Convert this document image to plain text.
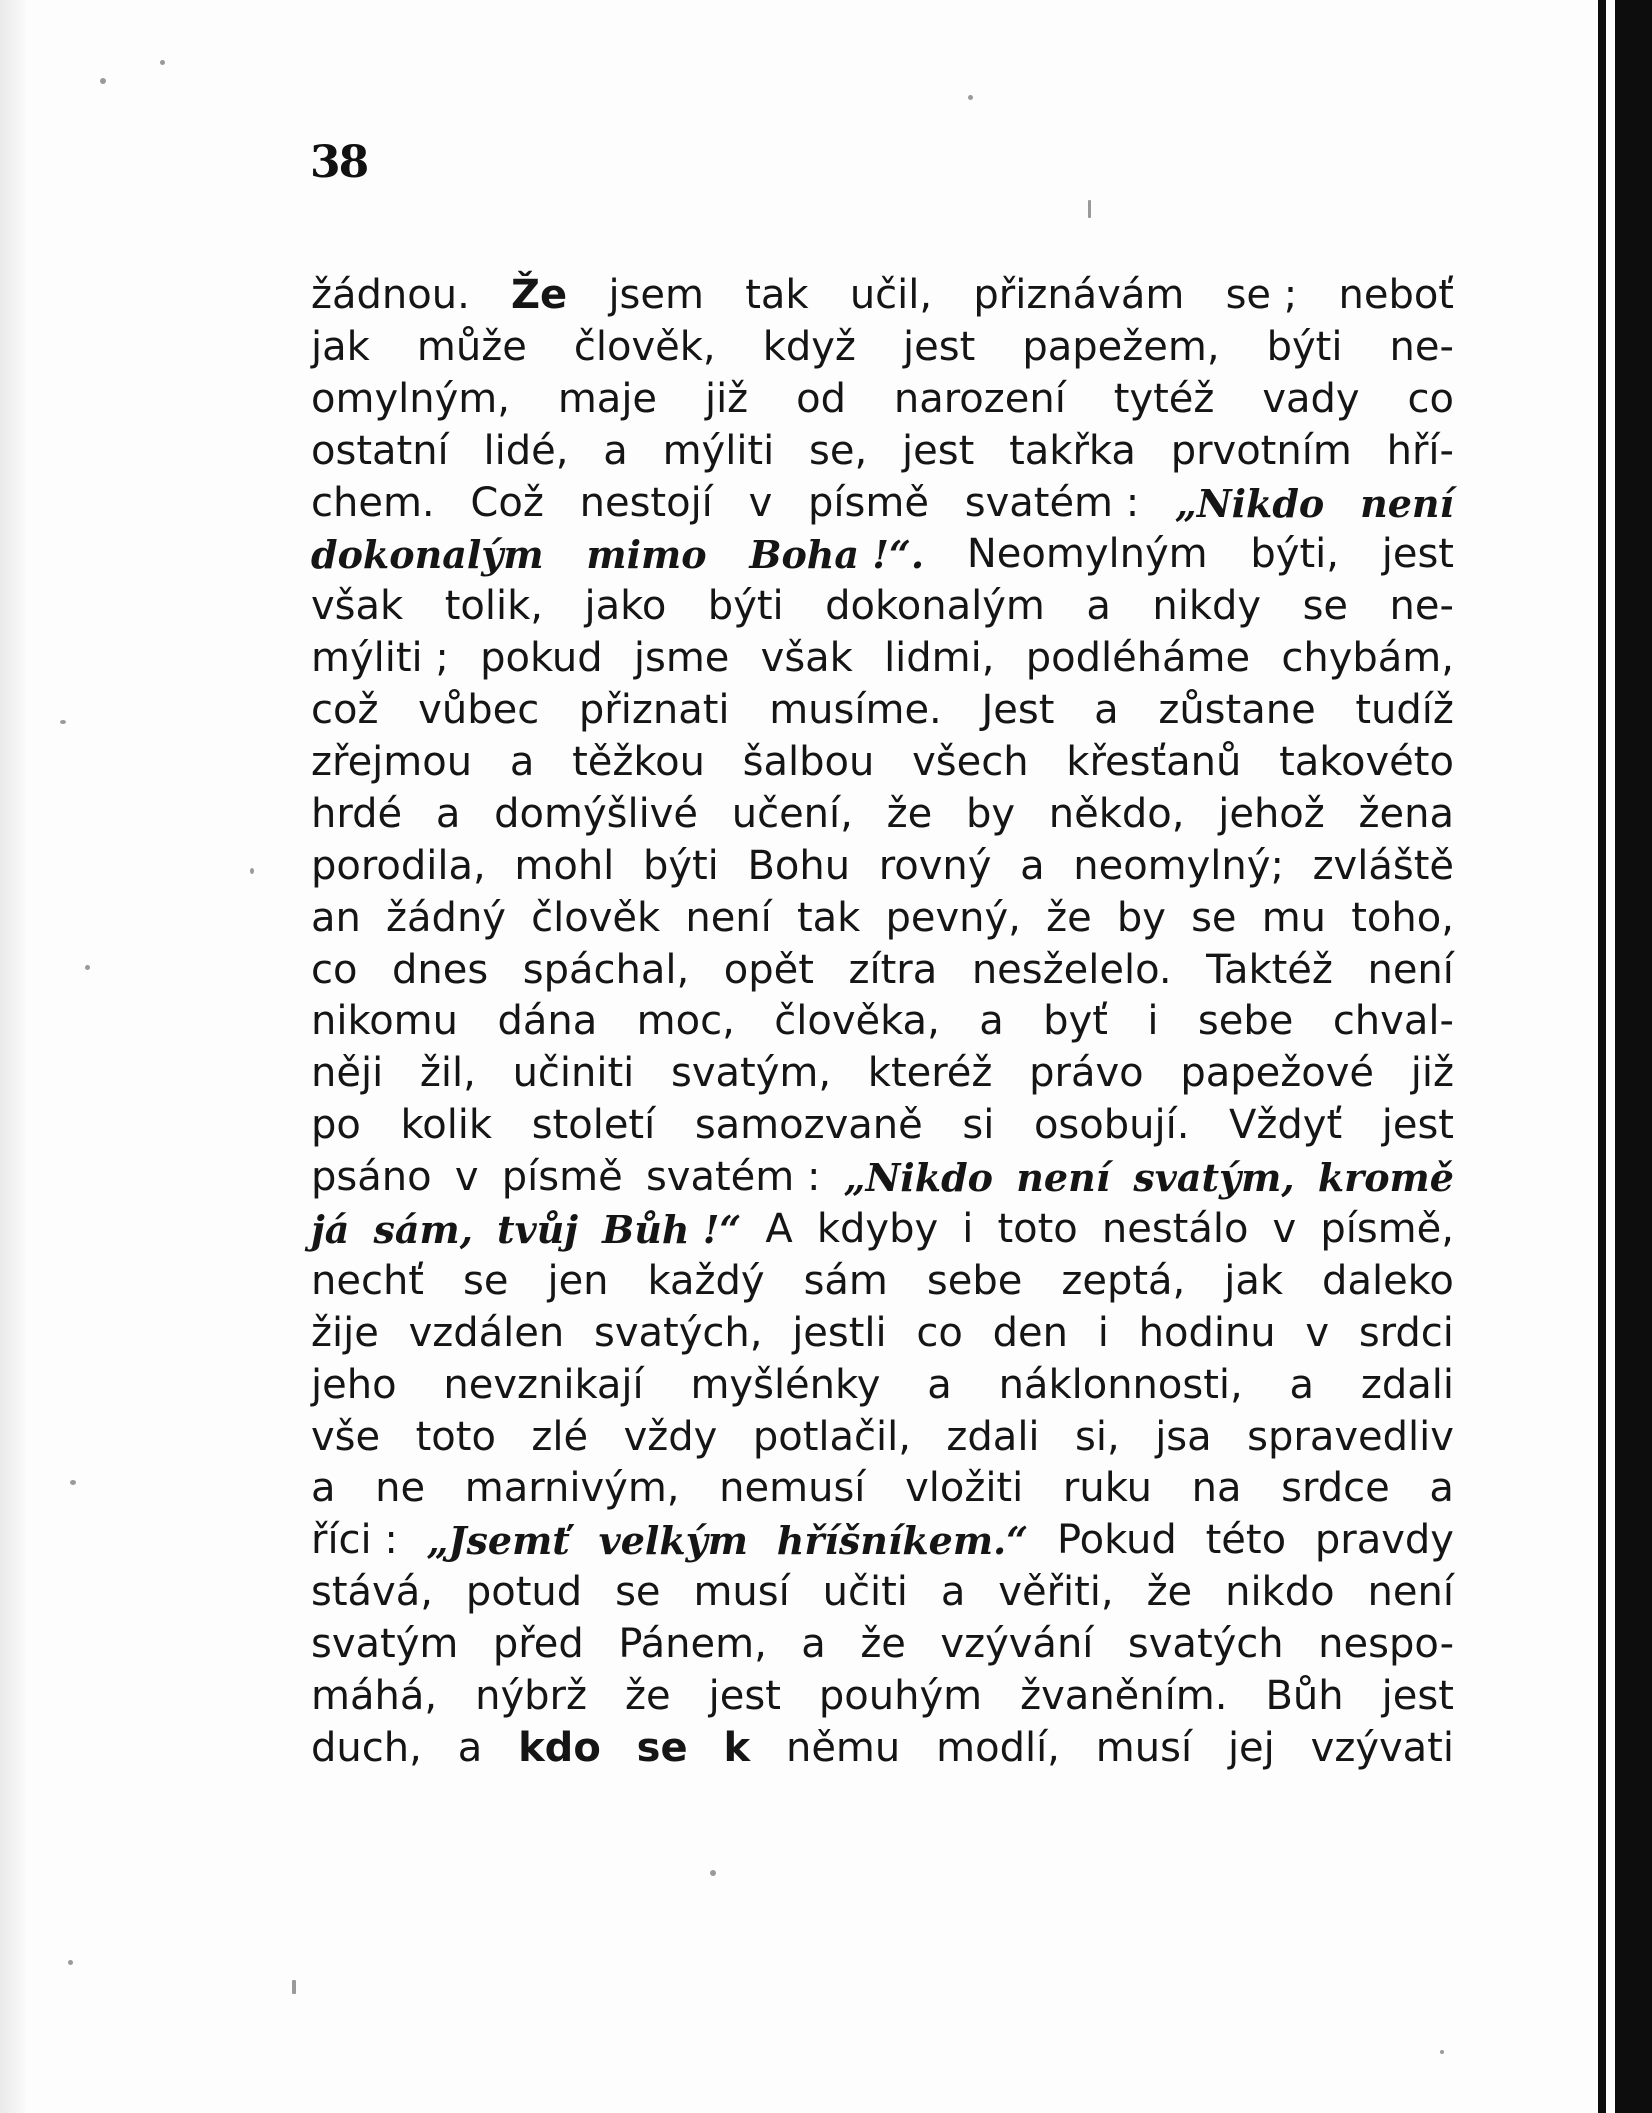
38
žádnou. Že jsem tak učil, přiznávám se ; neboť
jak může člověk, když jest papežem, býti ne-
omylným, maje již od narození tytéž vady co
ostatní lidé, a mýliti se, jest takřka prvotním hří-
chem. Což nestojí v písmě svatém : „Nikdo není
dokonalým mimo Boha !“. Neomylným býti, jest
však tolik, jako býti dokonalým a nikdy se ne-
mýliti ; pokud jsme však lidmi, podléháme chybám,
což vůbec přiznati musíme. Jest a zůstane tudíž
zřejmou a těžkou šalbou všech křesťanů takovéto
hrdé a domýšlivé učení, že by někdo, jehož žena
porodila, mohl býti Bohu rovný a neomylný; zvláště
an žádný člověk není tak pevný, že by se mu toho,
co dnes spáchal, opět zítra nesželelo. Taktéž není
nikomu dána moc, člověka, a byť i sebe chval-
něji žil, učiniti svatým, kteréž právo papežové již
po kolik století samozvaně si osobují. Vždyť jest
psáno v písmě svatém : „Nikdo není svatým, kromě
já sám, tvůj Bůh !“ A kdyby i toto nestálo v písmě,
nechť se jen každý sám sebe zeptá, jak daleko
žije vzdálen svatých, jestli co den i hodinu v srdci
jeho nevznikají myšlénky a náklonnosti, a zdali
vše toto zlé vždy potlačil, zdali si, jsa spravedliv
a ne marnivým, nemusí vložiti ruku na srdce a
říci : „Jsemť velkým hříšníkem.“ Pokud této pravdy
stává, potud se musí učiti a věřiti, že nikdo není
svatým před Pánem, a že vzývání svatých nespo-
máhá, nýbrž že jest pouhým žvaněním. Bůh jest
duch, a kdo se k němu modlí, musí jej vzývati
